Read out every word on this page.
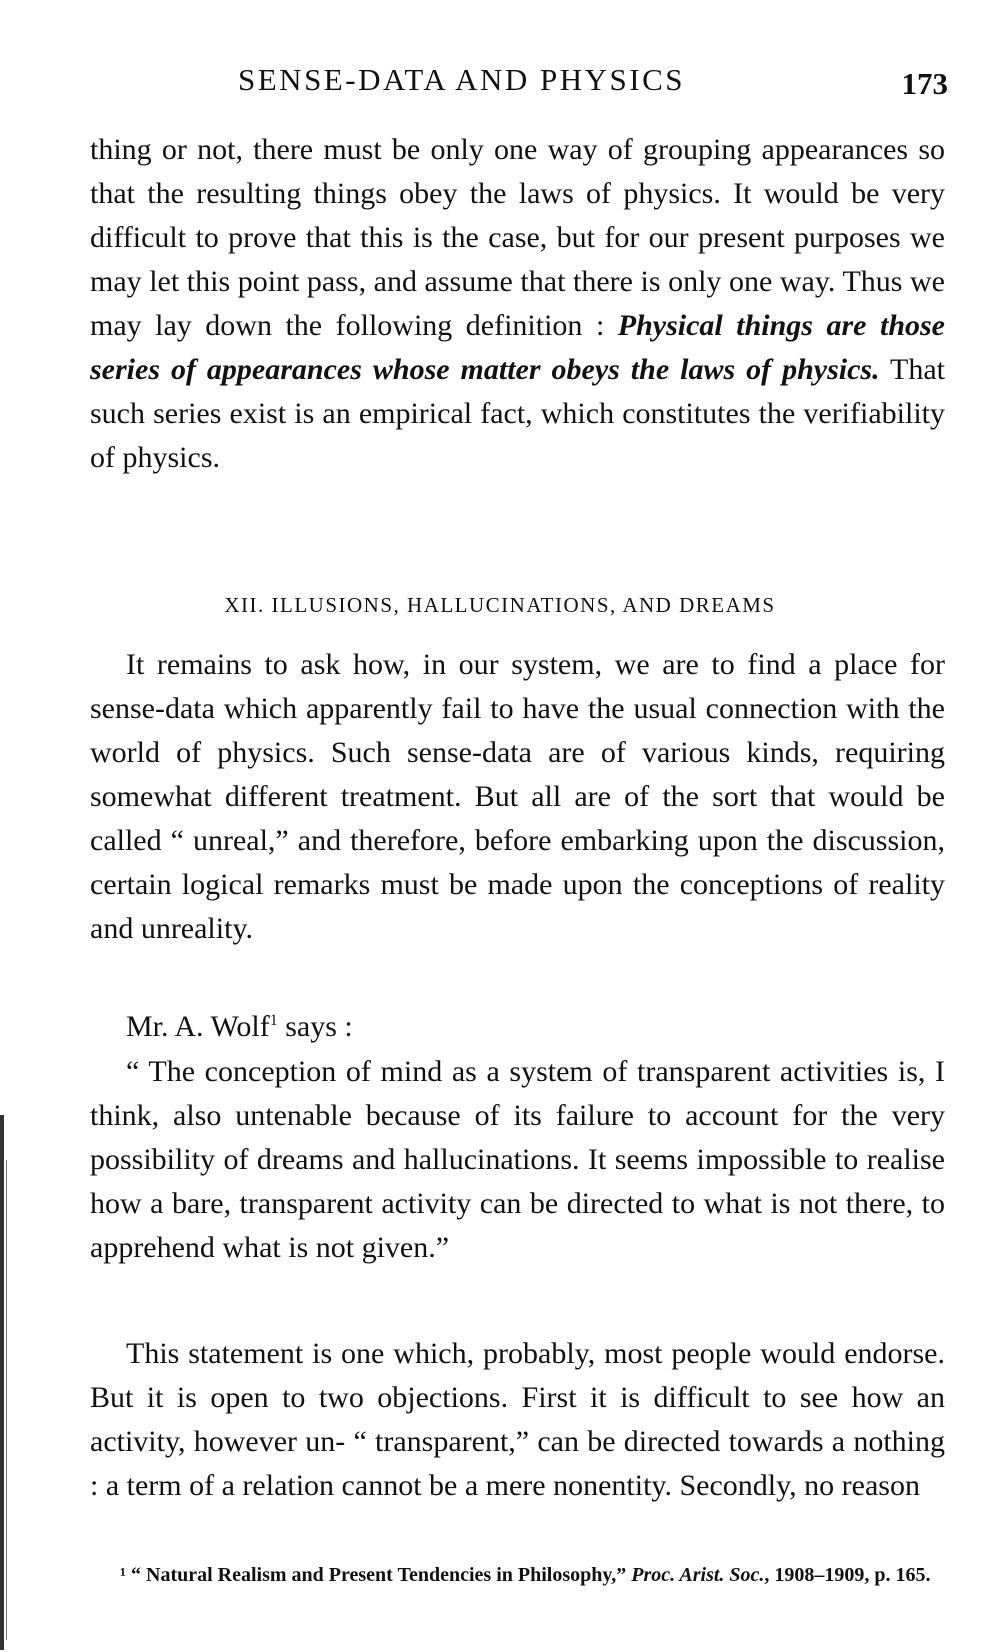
SENSE-DATA AND PHYSICS	173

thing or not, there must be only one way of grouping appearances so that the resulting things obey the laws of physics. It would be very difficult to prove that this is the case, but for our present purposes we may let this point pass, and assume that there is only one way. Thus we may lay down the following definition : Physical things are those series of appearances whose matter obeys the laws of physics. That such series exist is an empirical fact, which constitutes the verifiability of physics.

XII. ILLUSIONS, HALLUCINATIONS, AND DREAMS

It remains to ask how, in our system, we are to find a place for sense-data which apparently fail to have the usual connection with the world of physics. Such sense-data are of various kinds, requiring somewhat different treatment. But all are of the sort that would be called “ unreal,” and therefore, before embarking upon the discussion, certain logical remarks must be made upon the conceptions of reality and unreality.

Mr. A. Wolf$^1$ says :

“ The conception of mind as a system of transparent activities is, I think, also untenable because of its failure to account for the very possibility of dreams and hallucinations. It seems impossible to realise how a bare, transparent activity can be directed to what is not there, to apprehend what is not given.”

This statement is one which, probably, most people would endorse. But it is open to two objections. First it is difficult to see how an activity, however un- “ transparent,” can be directed towards a nothing : a term of a relation cannot be a mere nonentity. Secondly, no reason

¹ “ Natural Realism and Present Tendencies in Philosophy,” Proc. Arist. Soc., 1908–1909, p. 165.
